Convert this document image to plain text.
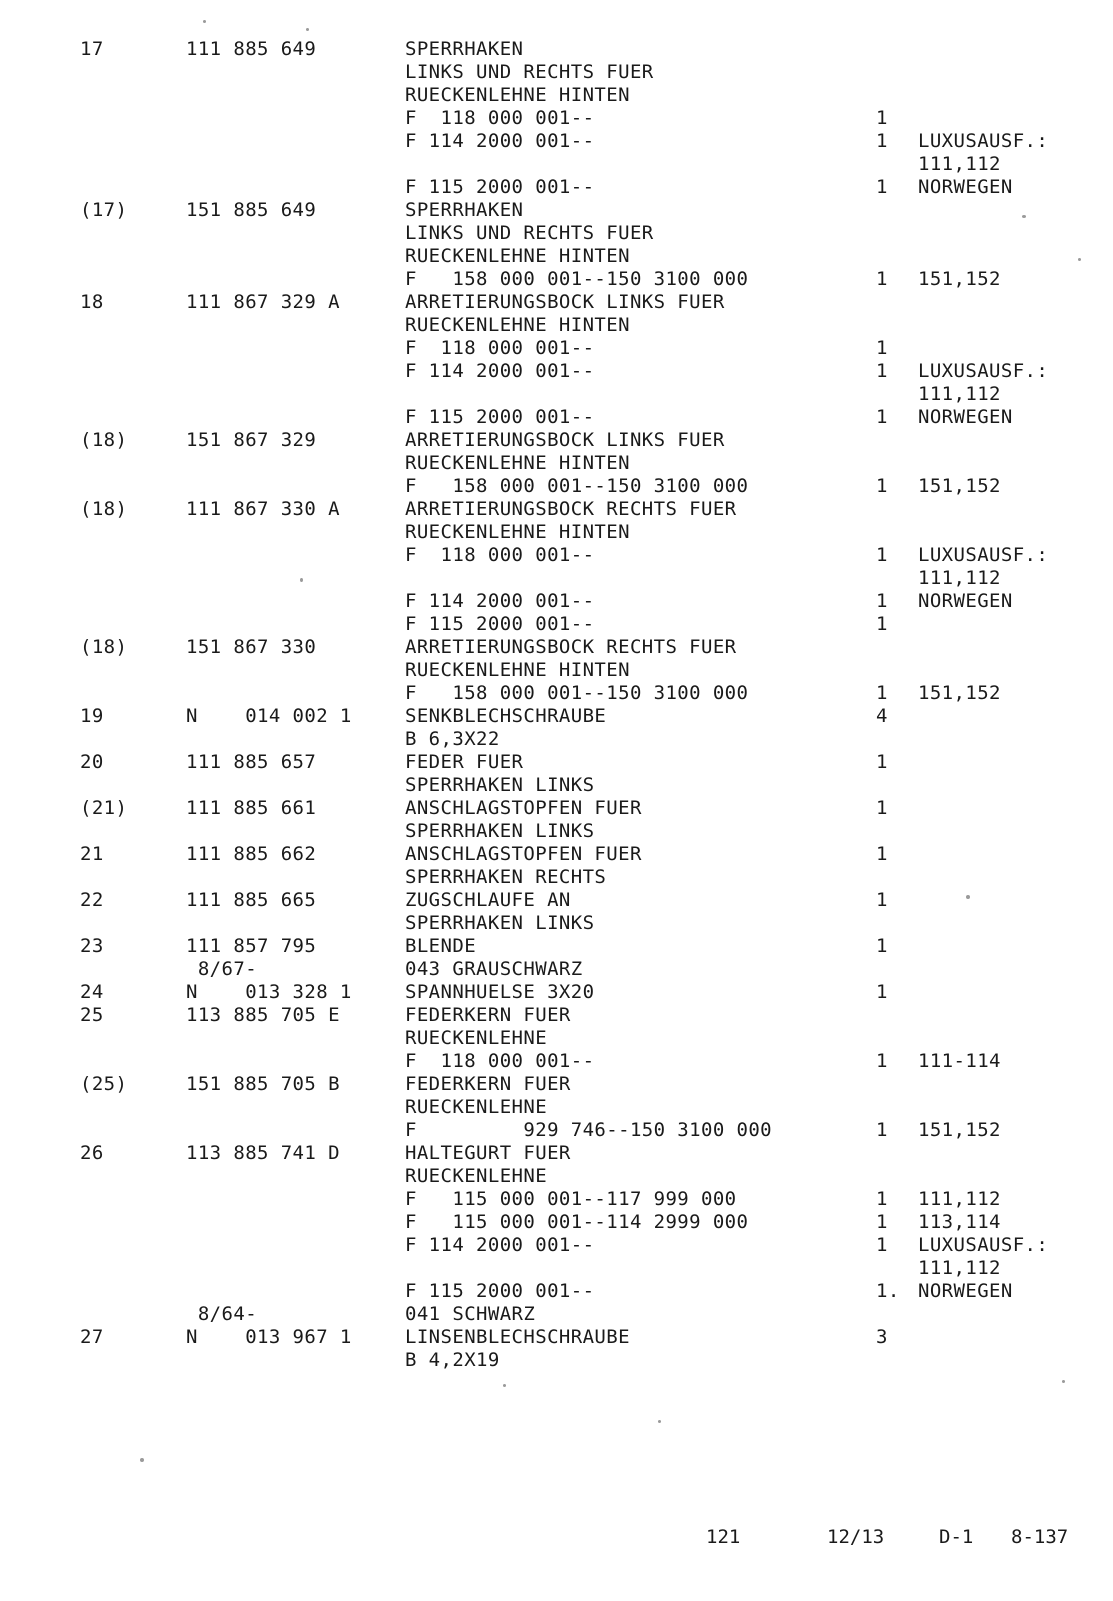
17	111 885 649	SPERRHAKEN
LINKS UND RECHTS FUER
RUECKENLEHNE HINTEN
F  118 000 001--	1
F 114 2000 001--	1 LUXUSAUSF.:
111,112
F 115 2000 001--	1 NORWEGEN
(17)	151 885 649	SPERRHAKEN
LINKS UND RECHTS FUER
RUECKENLEHNE HINTEN
F   158 000 001--150 3100 000	1 151,152
18	111 867 329 A	ARRETIERUNGSBOCK LINKS FUER
RUECKENLEHNE HINTEN
F  118 000 001--	1
F 114 2000 001--	1 LUXUSAUSF.:
111,112
F 115 2000 001--	1 NORWEGEN
(18)	151 867 329	ARRETIERUNGSBOCK LINKS FUER
RUECKENLEHNE HINTEN
F   158 000 001--150 3100 000	1 151,152
(18)	111 867 330 A	ARRETIERUNGSBOCK RECHTS FUER
RUECKENLEHNE HINTEN
F  118 000 001--	1 LUXUSAUSF.:
111,112
F 114 2000 001--	1 NORWEGEN
F 115 2000 001--	1
(18)	151 867 330	ARRETIERUNGSBOCK RECHTS FUER
RUECKENLEHNE HINTEN
F   158 000 001--150 3100 000	1 151,152
19	N    014 002 1	SENKBLECHSCHRAUBE	4
B 6,3X22
20	111 885 657	FEDER FUER	1
SPERRHAKEN LINKS
(21)	111 885 661	ANSCHLAGSTOPFEN FUER	1
SPERRHAKEN LINKS
21	111 885 662	ANSCHLAGSTOPFEN FUER	1
SPERRHAKEN RECHTS
22	111 885 665	ZUGSCHLAUFE AN	1
SPERRHAKEN LINKS
23	111 857 795	BLENDE	1
8/67-	043 GRAUSCHWARZ
24	N    013 328 1	SPANNHUELSE 3X20	1
25	113 885 705 E	FEDERKERN FUER
RUECKENLEHNE
F  118 000 001--	1 111-114
(25)	151 885 705 B	FEDERKERN FUER
RUECKENLEHNE
F         929 746--150 3100 000	1 151,152
26	113 885 741 D	HALTEGURT FUER
RUECKENLEHNE
F   115 000 001--117 999 000	1 111,112
F   115 000 001--114 2999 000	1 113,114
F 114 2000 001--	1 LUXUSAUSF.:
111,112
F 115 2000 001--	1. NORWEGEN
8/64-	041 SCHWARZ
27	N    013 967 1	LINSENBLECHSCHRAUBE	3
B 4,2X19
121	12/13	D-1 8-137
